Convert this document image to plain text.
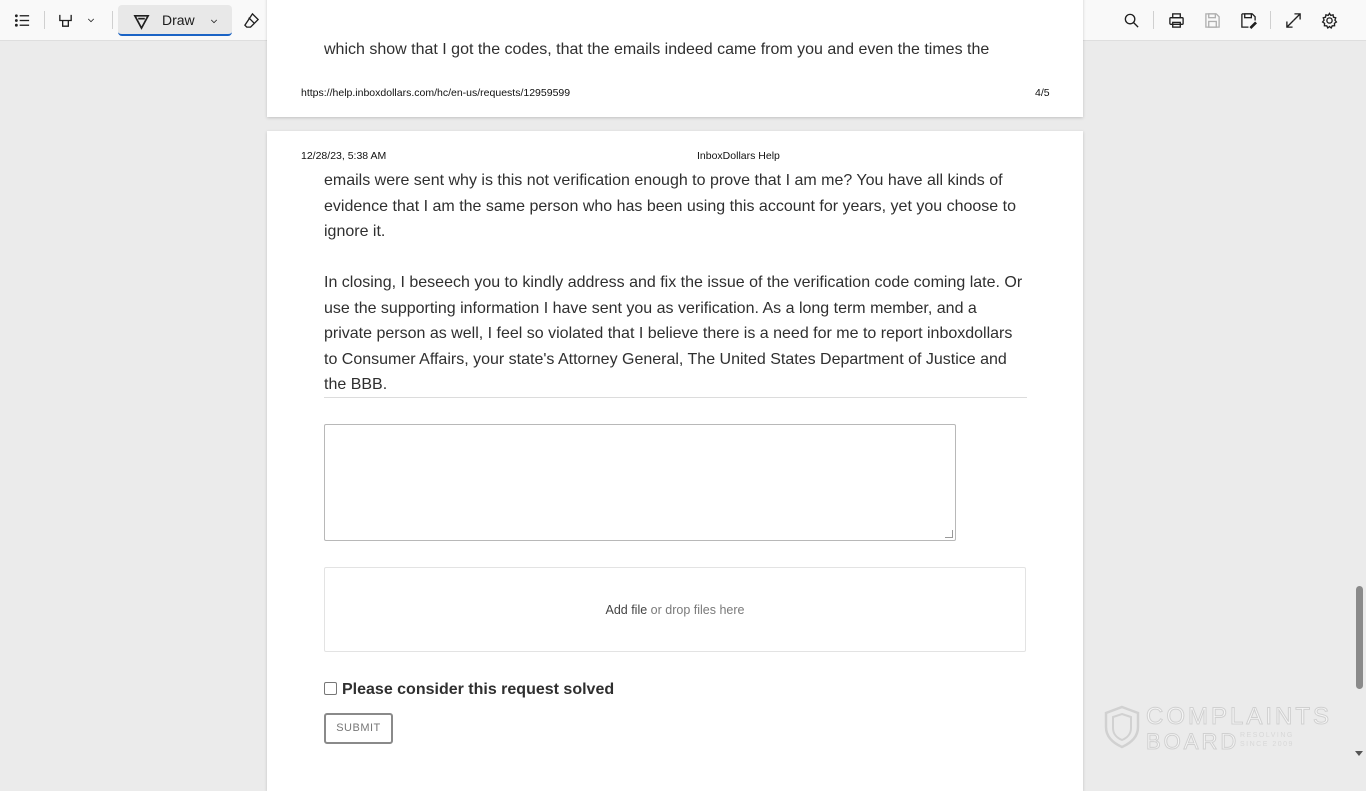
Draw
which show that I got the codes, that the emails indeed came from you and even the times the
https://help.inboxdollars.com/hc/en-us/requests/12959599	4/5
12/28/23, 5:38 AM	InboxDollars Help
emails were sent why is this not verification enough to prove that I am me? You have all kinds of evidence that I am the same person who has been using this account for years, yet you choose to ignore it.
In closing, I beseech you to kindly address and fix the issue of the verification code coming late. Or use the supporting information I have sent you as verification. As a long term member, and a private person as well, I feel so violated that I believe there is a need for me to report inboxdollars to Consumer Affairs, your state's Attorney General, The United States Department of Justice and the BBB.
Add file or drop files here
Please consider this request solved
SUBMIT	COMPLAINTS
BOARD RESOLVING SINCE 2009
